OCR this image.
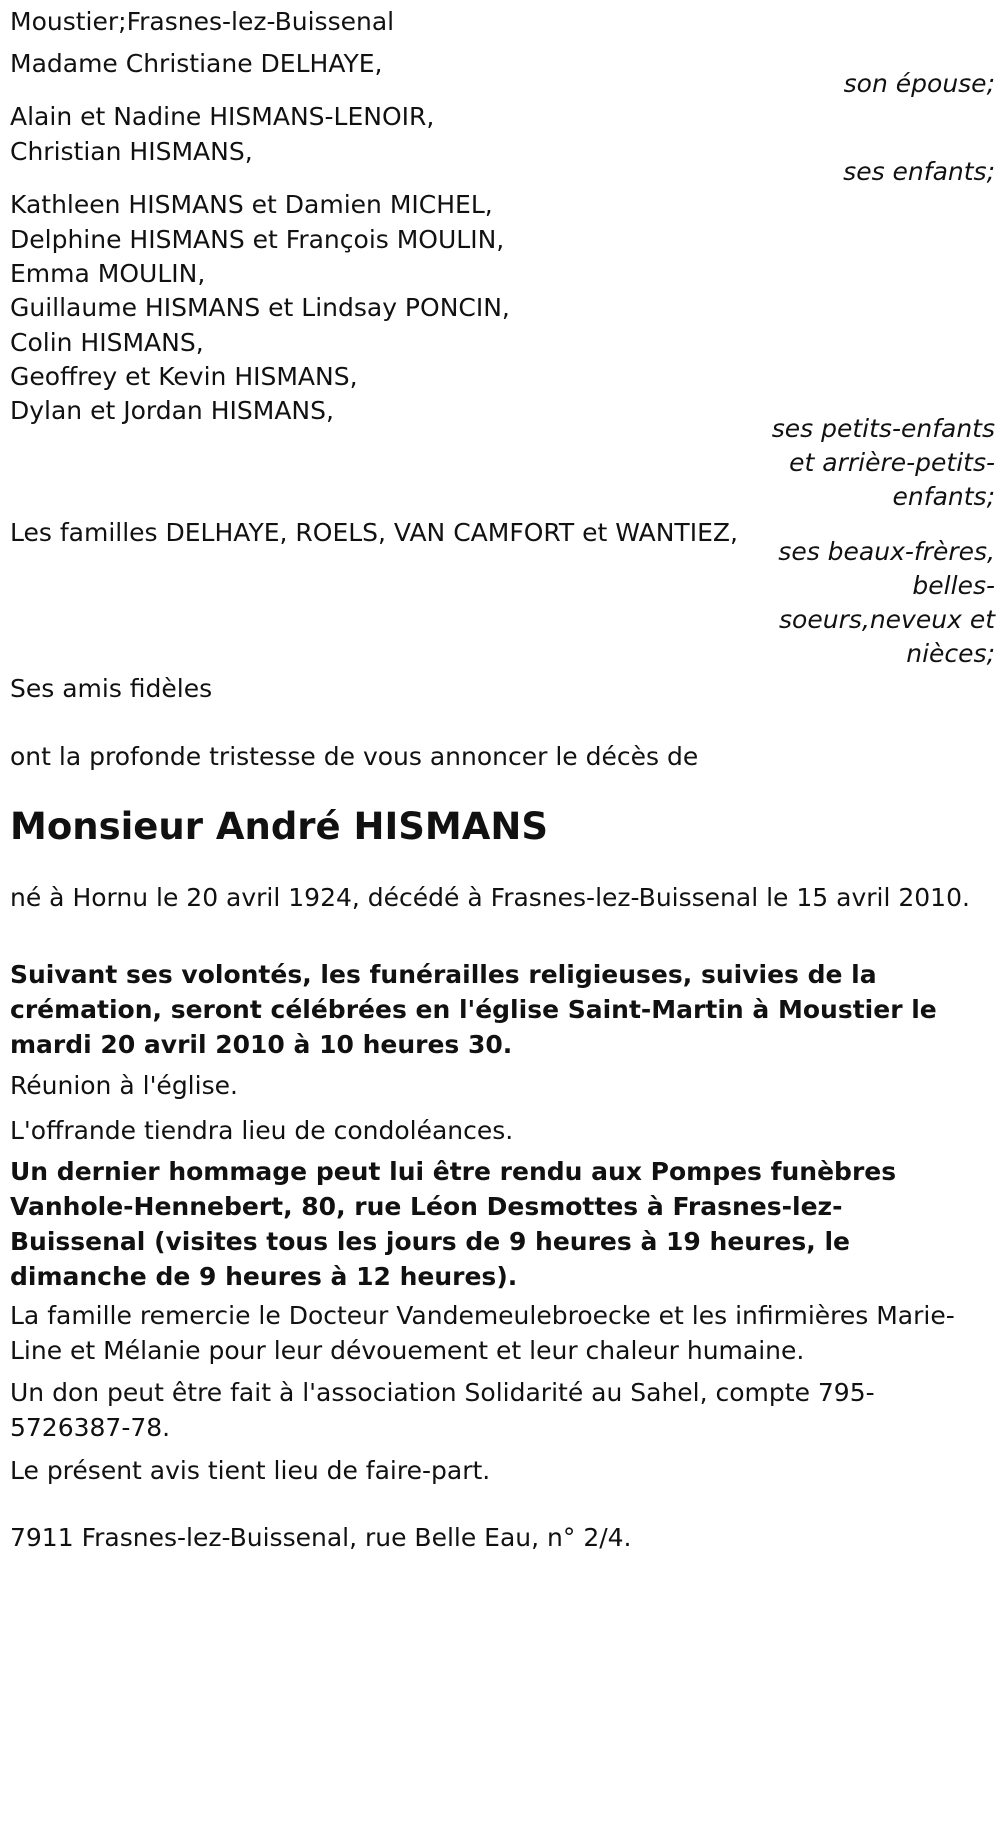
Moustier;Frasnes-lez-Buissenal
Madame Christiane DELHAYE,
son épouse;
Alain et Nadine HISMANS-LENOIR,
Christian HISMANS,
ses enfants;
Kathleen HISMANS et Damien MICHEL,
Delphine HISMANS et François MOULIN,
Emma MOULIN,
Guillaume HISMANS et Lindsay PONCIN,
Colin HISMANS,
Geoffrey et Kevin HISMANS,
Dylan et Jordan HISMANS,
ses petits-enfants
et arrière-petits-
enfants;
Les familles DELHAYE, ROELS, VAN CAMFORT et WANTIEZ,
ses beaux-frères,
belles-
soeurs,neveux et
nièces;
Ses amis fidèles
ont la profonde tristesse de vous annoncer le décès de
Monsieur André HISMANS
né à Hornu le 20 avril 1924, décédé à Frasnes-lez-Buissenal le 15 avril 2010.
Suivant ses volontés, les funérailles religieuses, suivies de la crémation, seront célébrées en l'église Saint-Martin à Moustier le mardi 20 avril 2010 à 10 heures 30.
Réunion à l'église.
L'offrande tiendra lieu de condoléances.
Un dernier hommage peut lui être rendu aux Pompes funèbres Vanhole-Hennebert, 80, rue Léon Desmottes à Frasnes-lez-Buissenal (visites tous les jours de 9 heures à 19 heures, le dimanche de 9 heures à 12 heures).
La famille remercie le Docteur Vandemeulebroecke et les infirmières Marie-Line et Mélanie pour leur dévouement et leur chaleur humaine.
Un don peut être fait à l'association Solidarité au Sahel, compte 795-5726387-78.
Le présent avis tient lieu de faire-part.
7911 Frasnes-lez-Buissenal, rue Belle Eau, n° 2/4.
